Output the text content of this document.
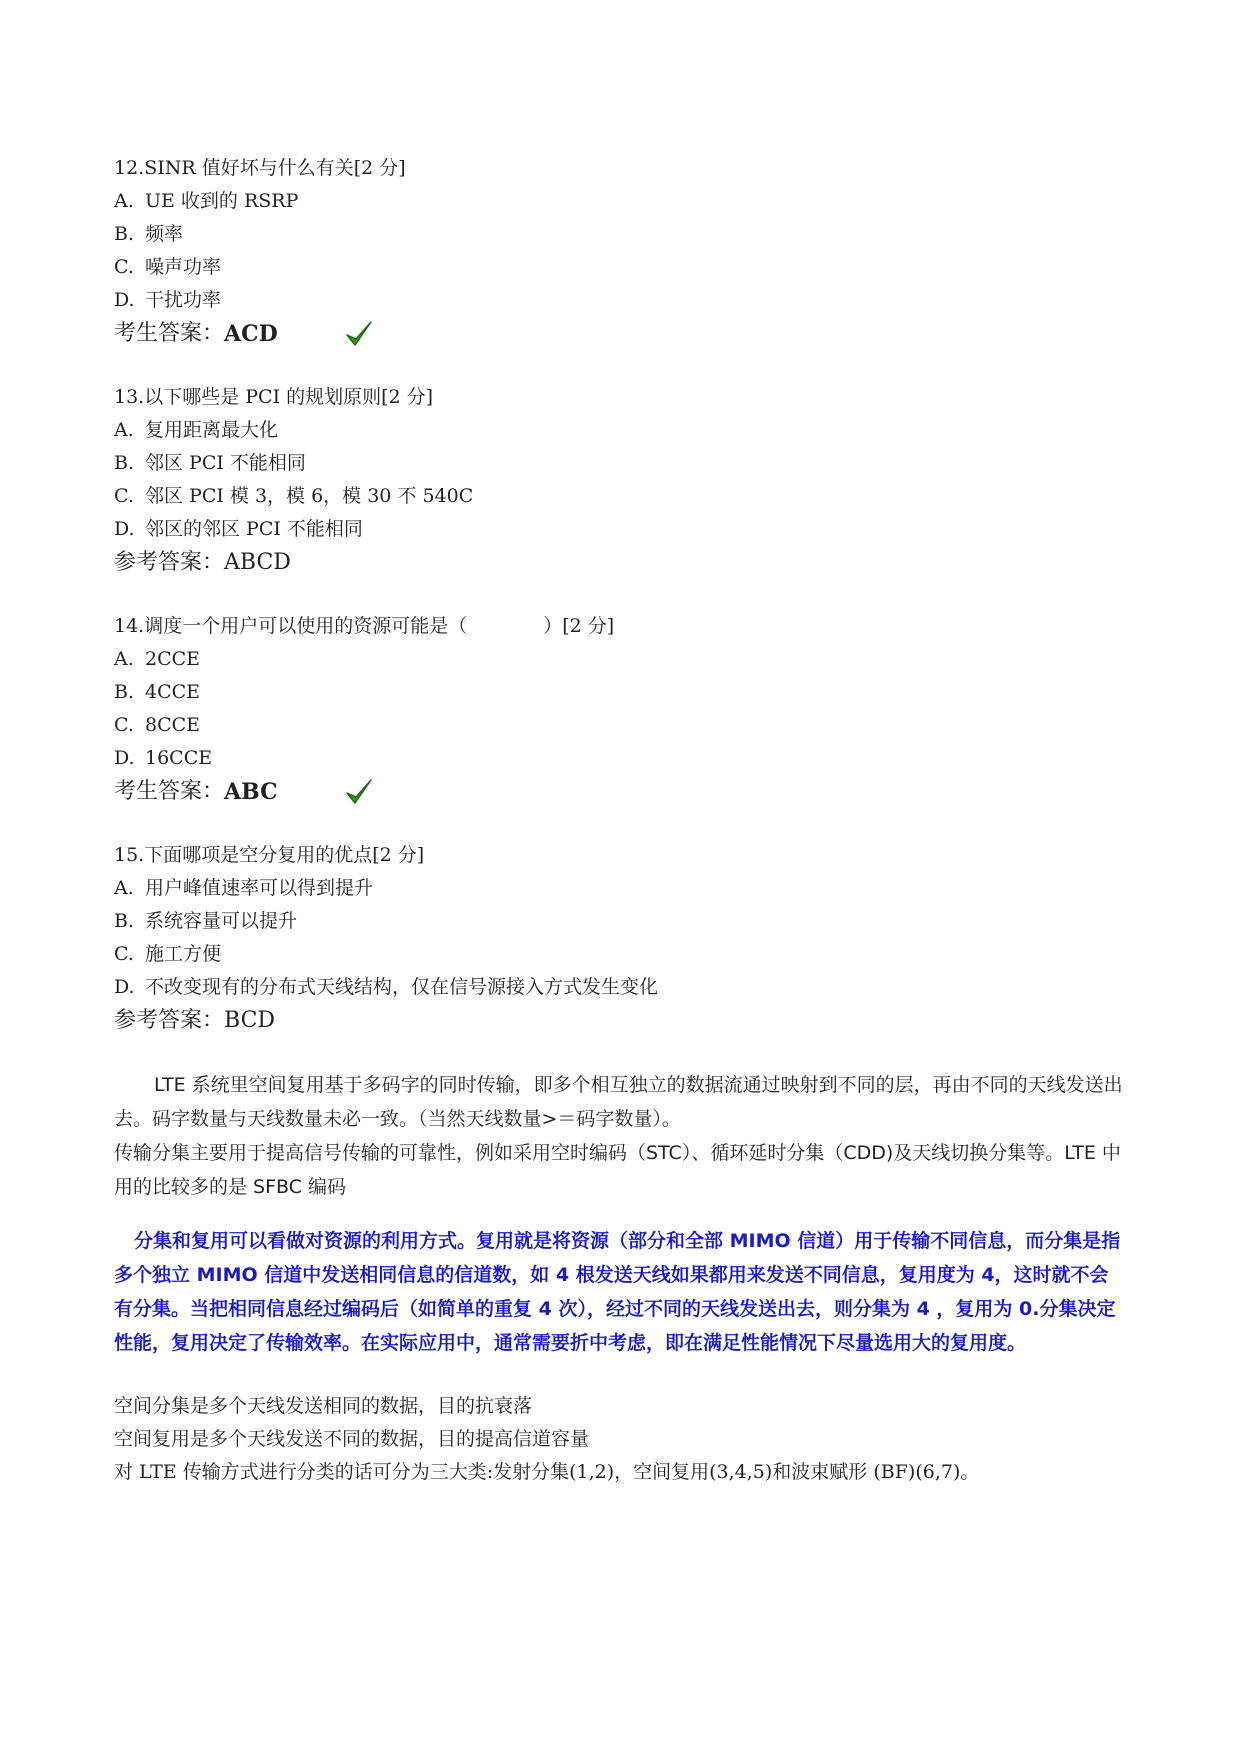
12.SINR 值好坏与什么有关[2 分]
A. UE 收到的 RSRP
B. 频率
C. 噪声功率
D. 干扰功率
考生答案： ACD
13.以下哪些是 PCI 的规划原则[2 分]
A. 复用距离最大化
B. 邻区 PCI 不能相同
C. 邻区 PCI 模 3，模 6，模 30 不 540C
D. 邻区的邻区 PCI 不能相同
参考答案： ABCD
14.调度一个用户可以使用的资源可能是（　　　　）[2 分]
A. 2CCE
B. 4CCE
C. 8CCE
D. 16CCE
考生答案： ABC
15.下面哪项是空分复用的优点[2 分]
A. 用户峰值速率可以得到提升
B. 系统容量可以提升
C. 施工方便
D. 不改变现有的分布式天线结构，仅在信号源接入方式发生变化
参考答案： BCD
LTE 系统里空间复用基于多码字的同时传输，即多个相互独立的数据流通过映射到不同的层，再由不同的天线发送出去。码字数量与天线数量未必一致。（当然天线数量>＝码字数量）。
传输分集主要用于提高信号传输的可靠性，例如采用空时编码（STC）、循环延时分集（CDD)及天线切换分集等。LTE 中用的比较多的是 SFBC 编码
分集和复用可以看做对资源的利用方式。复用就是将资源（部分和全部 MIMO 信道）用于传输不同信息，而分集是指多个独立 MIMO 信道中发送相同信息的信道数，如 4 根发送天线如果都用来发送不同信息，复用度为 4，这时就不会有分集。当把相同信息经过编码后（如简单的重复 4 次），经过不同的天线发送出去，则分集为 4 ，复用为 0.分集决定性能，复用决定了传输效率。在实际应用中，通常需要折中考虑，即在满足性能情况下尽量选用大的复用度。
空间分集是多个天线发送相同的数据，目的抗衰落
空间复用是多个天线发送不同的数据，目的提高信道容量
对 LTE 传输方式进行分类的话可分为三大类:发射分集(1,2)，空间复用(3,4,5)和波束赋形 (BF)(6,7)。
